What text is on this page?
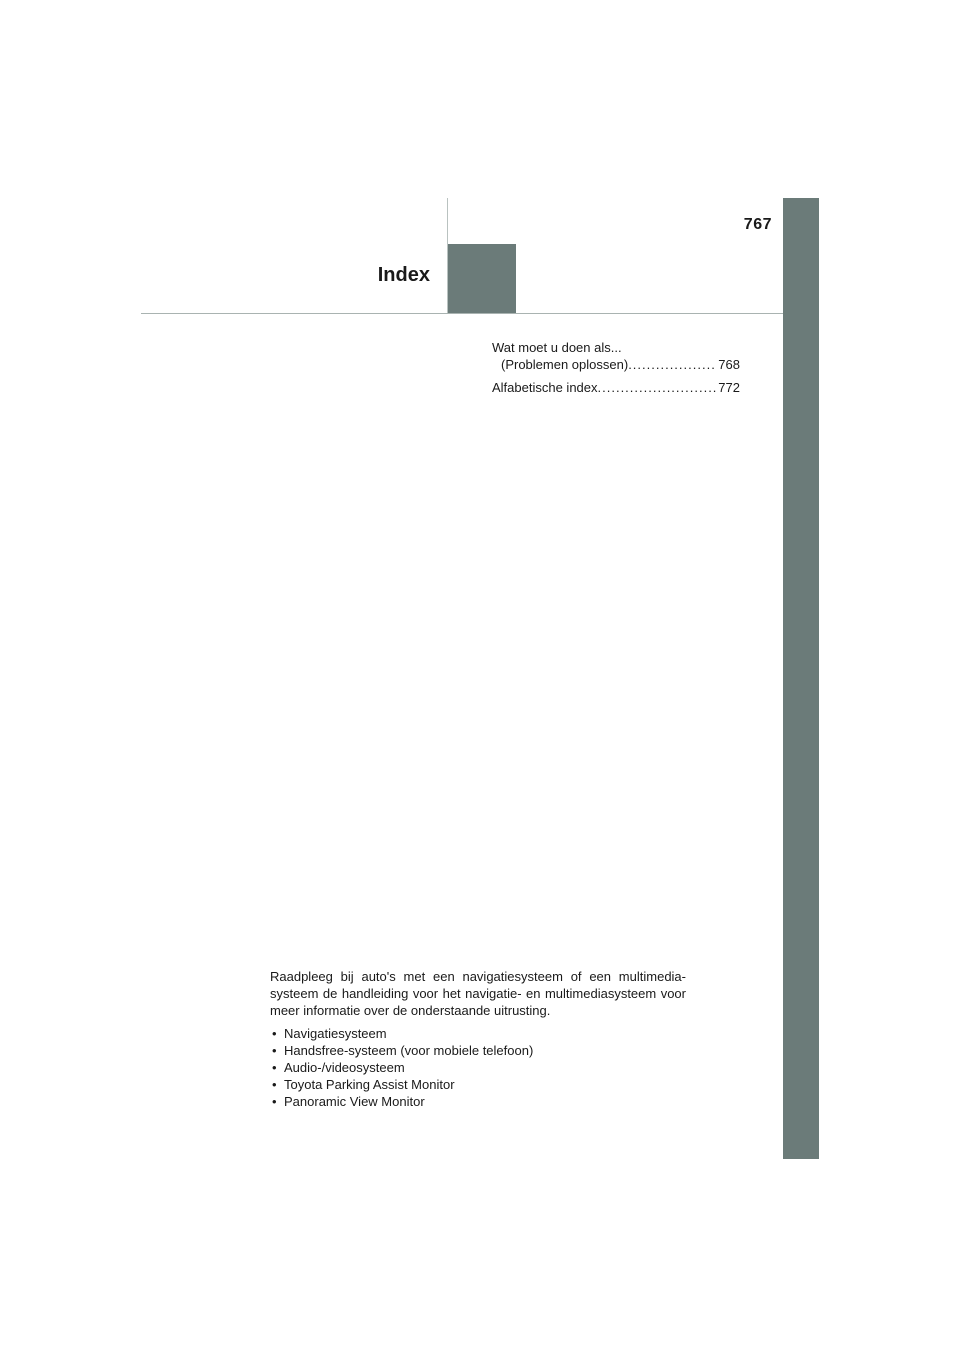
767
Index
Wat moet u doen als...
(Problemen oplossen) .....	768
Alfabetische index .....	772

Raadpleeg bij auto's met een navigatiesysteem of een multimedia-systeem de handleiding voor het navigatie- en multimediasysteem voor meer informatie over de onderstaande uitrusting.

• Navigatiesysteem
• Handsfree-systeem (voor mobiele telefoon)
• Audio-/videosysteem
• Toyota Parking Assist Monitor
• Panoramic View Monitor
